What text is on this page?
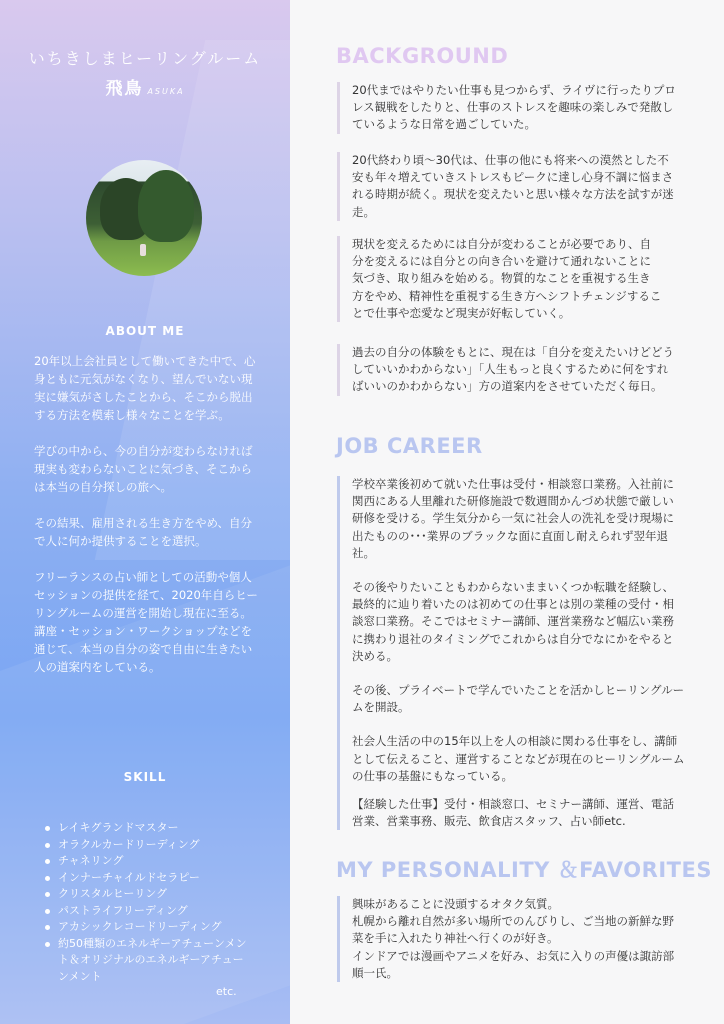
いちきしまヒーリングルーム
飛鳥 ASUKA
ABOUT ME

20年以上会社員として働いてきた中で、心身ともに元気がなくなり、望んでいない現実に嫌気がさしたことから、そこから脱出する方法を模索し様々なことを学ぶ。

学びの中から、今の自分が変わらなければ現実も変わらないことに気づき、そこからは本当の自分探しの旅へ。

その結果、雇用される生き方をやめ、自分で人に何か提供することを選択。

フリーランスの占い師としての活動や個人セッションの提供を経て、2020年自らヒーリングルームの運営を開始し現在に至る。講座・セッション・ワークショップなどを通じて、本当の自分の姿で自由に生きたい人の道案内をしている。

SKILL
レイキグランドマスター
オラクルカードリーディング
チャネリング
インナーチャイルドセラピー
クリスタルヒーリング
パストライフリーディング
アカシックレコードリーディング
約50種類のエネルギーアチューンメント＆オリジナルのエネルギーアチューンメント
etc.
BACKGROUND
20代まではやりたい仕事も見つからず、ライヴに行ったりプロレス観戦をしたりと、仕事のストレスを趣味の楽しみで発散しているような日常を過ごしていた。
20代終わり頃〜30代は、仕事の他にも将来への漠然とした不安も年々増えていきストレスもピークに達し心身不調に悩まされる時期が続く。現状を変えたいと思い様々な方法を試すが迷走。
現状を変えるためには自分が変わることが必要であり、自分を変えるには自分との向き合いを避けて通れないことに気づき、取り組みを始める。物質的なことを重視する生き方をやめ、精神性を重視する生き方へシフトチェンジすることで仕事や恋愛など現実が好転していく。
過去の自分の体験をもとに、現在は「自分を変えたいけどどうしていいかわからない」「人生もっと良くするために何をすればいいのかわからない」方の道案内をさせていただく毎日。
JOB CAREER

学校卒業後初めて就いた仕事は受付・相談窓口業務。入社前に関西にある人里離れた研修施設で数週間かんづめ状態で厳しい研修を受ける。学生気分から一気に社会人の洗礼を受け現場に出たものの･･･業界のブラックな面に直面し耐えられず翌年退社。

その後やりたいこともわからないままいくつか転職を経験し、最終的に辿り着いたのは初めての仕事とは別の業種の受付・相談窓口業務。そこではセミナー講師、運営業務など幅広い業務に携わり退社のタイミングでこれからは自分でなにかをやると決める。

その後、プライベートで学んでいたことを活かしヒーリングルームを開設。

社会人生活の中の15年以上を人の相談に関わる仕事をし、講師として伝えること、運営することなどが現在のヒーリングルームの仕事の基盤にもなっている。

【経験した仕事】受付・相談窓口、セミナー講師、運営、電話営業、営業事務、販売、飲食店スタッフ、占い師etc.

MY PERSONALITY ＆FAVORITES
興味があることに没頭するオタク気質。
札幌から離れ自然が多い場所でのんびりし、ご当地の新鮮な野菜を手に入れたり神社へ行くのが好き。
インドアでは漫画やアニメを好み、お気に入りの声優は諏訪部順一氏。
